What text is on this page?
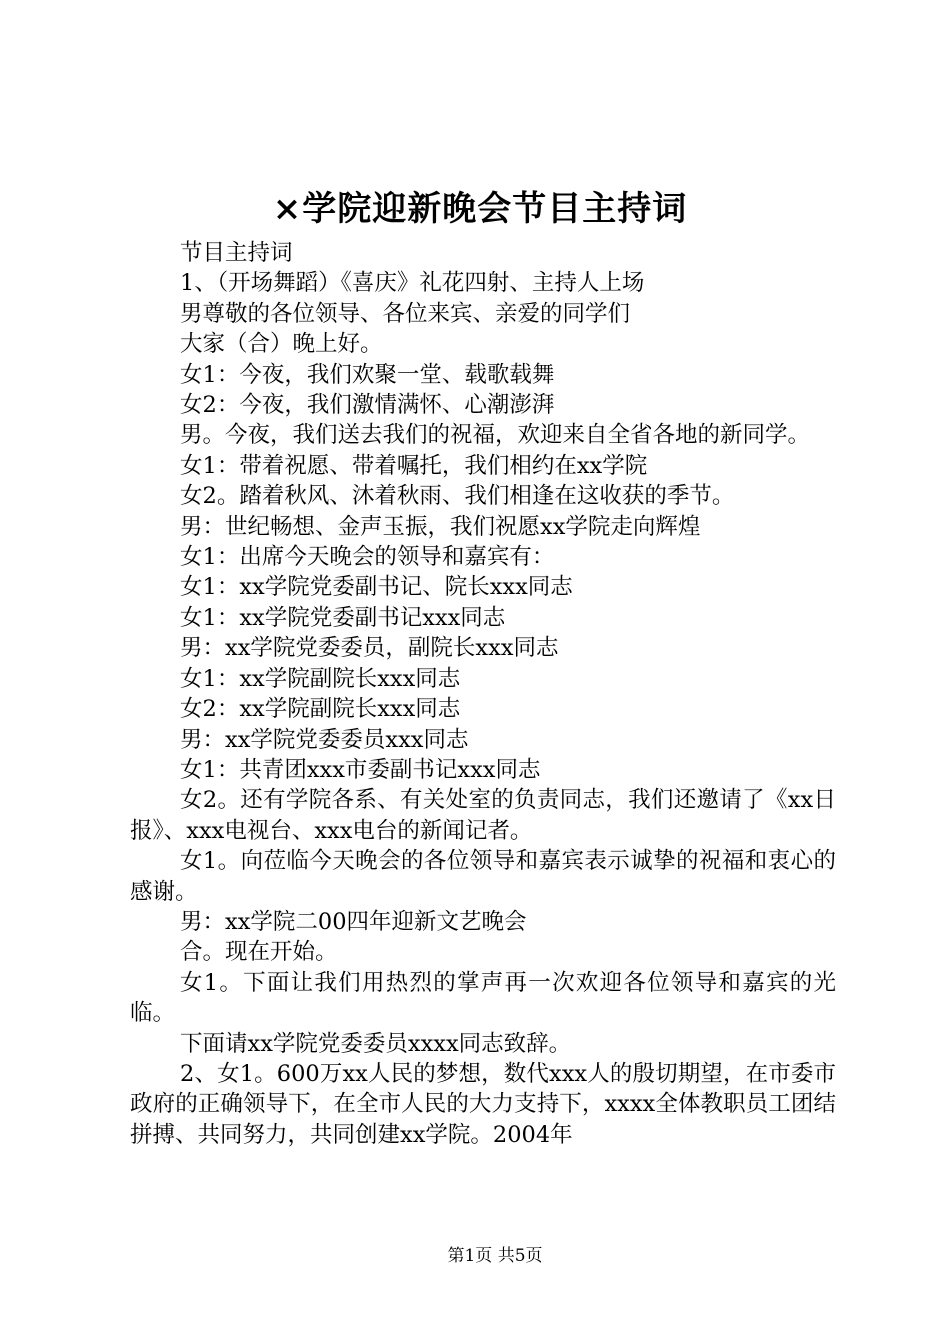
×学院迎新晚会节目主持词

节目主持词

1、（开场舞蹈）《喜庆》礼花四射、主持人上场

男尊敬的各位领导、各位来宾、亲爱的同学们

大家（合）晚上好。

女1：今夜，我们欢聚一堂、载歌载舞

女2：今夜，我们激情满怀、心潮澎湃

男。今夜，我们送去我们的祝福，欢迎来自全省各地的新同学。

女1：带着祝愿、带着嘱托，我们相约在xx学院

女2。踏着秋风、沐着秋雨、我们相逢在这收获的季节。

男：世纪畅想、金声玉振，我们祝愿xx学院走向辉煌

女1：出席今天晚会的领导和嘉宾有：

女1：xx学院党委副书记、院长xxx同志

女1：xx学院党委副书记xxx同志

男：xx学院党委委员，副院长xxx同志

女1：xx学院副院长xxx同志

女2：xx学院副院长xxx同志

男：xx学院党委委员xxx同志

女1：共青团xxx市委副书记xxx同志

女2。还有学院各系、有关处室的负责同志，我们还邀请了《xx日报》、xxx电视台、xxx电台的新闻记者。

女1。向莅临今天晚会的各位领导和嘉宾表示诚挚的祝福和衷心的感谢。

男：xx学院二00四年迎新文艺晚会

合。现在开始。

女1。下面让我们用热烈的掌声再一次欢迎各位领导和嘉宾的光临。

下面请xx学院党委委员xxxx同志致辞。

2、女1。600万xx人民的梦想，数代xxx人的殷切期望，在市委市政府的正确领导下，在全市人民的大力支持下，xxxx全体教职员工团结拼搏、共同努力，共同创建xx学院。2004年

第1页 共5页
